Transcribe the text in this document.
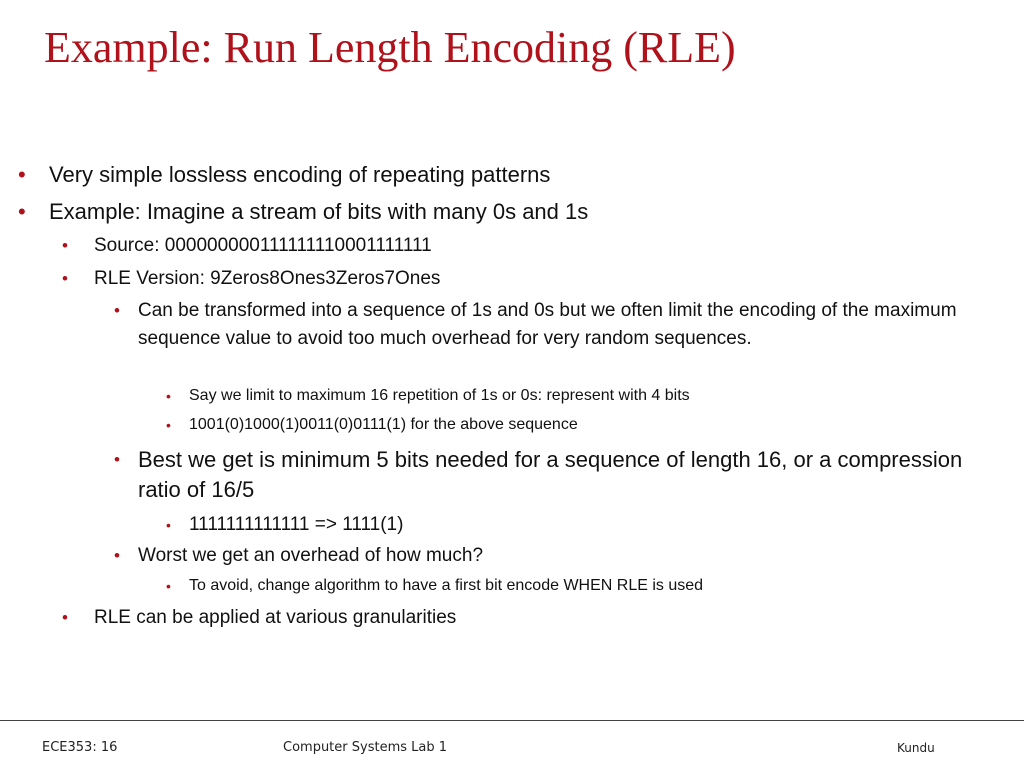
Example: Run Length Encoding (RLE)
• Very simple lossless encoding of repeating patterns
• Example: Imagine a stream of bits with many 0s and 1s
• Source: 000000000111111110001111111
• RLE Version: 9Zeros8Ones3Zeros7Ones
• Can be transformed into a sequence of 1s and 0s but we often limit the encoding of the maximum sequence value to avoid too much overhead for very random sequences.
• Say we limit to maximum 16 repetition of 1s or 0s: represent with 4 bits
• 1001(0)1000(1)0011(0)0111(1) for the above sequence
• Best we get is minimum 5 bits needed for a sequence of length 16, or a compression ratio of 16/5
• 1111111111111 => 1111(1)
• Worst we get an overhead of how much?
• To avoid, change algorithm to have a first bit encode WHEN RLE is used
• RLE can be applied at various granularities
ECE353: 16	Computer Systems Lab 1	Kundu
